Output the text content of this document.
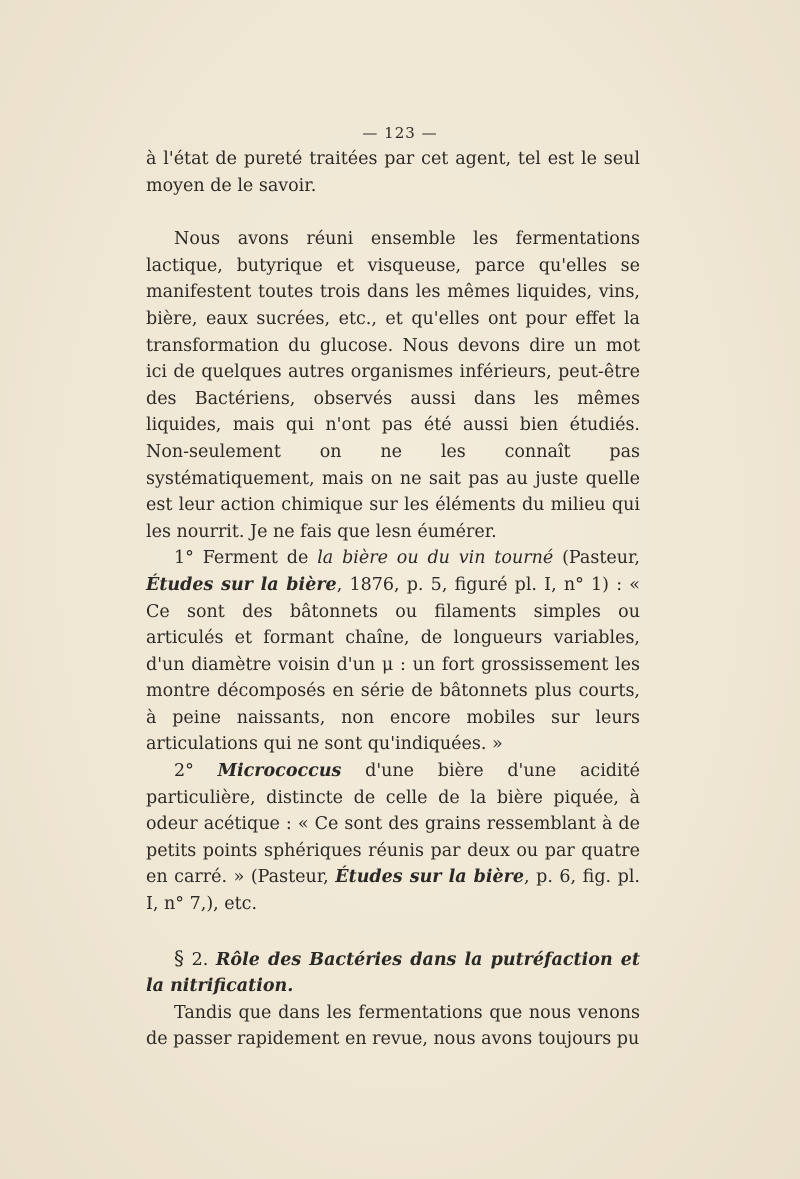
— 123 —

à l'état de pureté traitées par cet agent, tel est le seul moyen de le savoir.

Nous avons réuni ensemble les fermentations lactique, butyrique et visqueuse, parce qu'elles se manifestent toutes trois dans les mêmes liquides, vins, bière, eaux sucrées, etc., et qu'elles ont pour effet la transformation du glucose. Nous devons dire un mot ici de quelques autres organismes inférieurs, peut-être des Bactériens, observés aussi dans les mêmes liquides, mais qui n'ont pas été aussi bien étudiés. Non-seulement on ne les connaît pas systématiquement, mais on ne sait pas au juste quelle est leur action chimique sur les éléments du milieu qui les nourrit. Je ne fais que lesn éumérer.

1° Ferment de la bière ou du vin tourné (Pasteur, Études sur la bière, 1876, p. 5, figuré pl. I, n° 1) : « Ce sont des bâtonnets ou filaments simples ou articulés et formant chaîne, de longueurs variables, d'un diamètre voisin d'un μ : un fort grossissement les montre décomposés en série de bâtonnets plus courts, à peine naissants, non encore mobiles sur leurs articulations qui ne sont qu'indiquées. »

2° Micrococcus d'une bière d'une acidité particulière, distincte de celle de la bière piquée, à odeur acétique : « Ce sont des grains ressemblant à de petits points sphériques réunis par deux ou par quatre en carré. » (Pasteur, Études sur la bière, p. 6, fig. pl. I, n° 7,), etc.

§ 2. Rôle des Bactéries dans la putréfaction et la nitrification.

Tandis que dans les fermentations que nous venons de passer rapidement en revue, nous avons toujours pu
